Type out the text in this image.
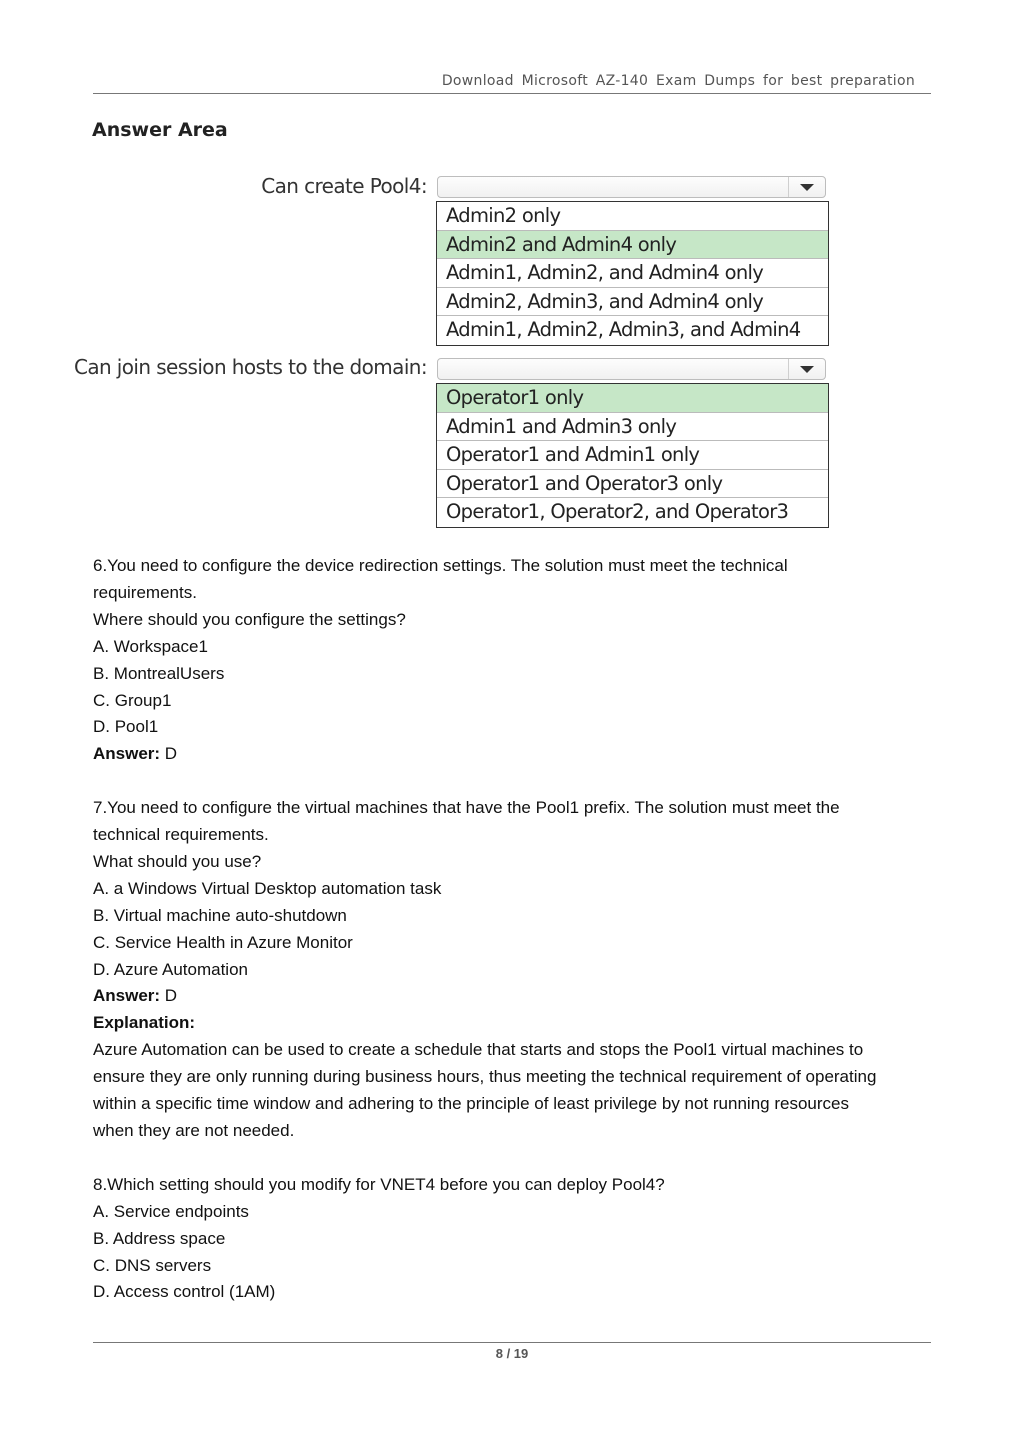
Download Microsoft AZ-140 Exam Dumps for best preparation
Answer Area
Can create Pool4:
Admin2 only
Admin2 and Admin4 only
Admin1, Admin2, and Admin4 only
Admin2, Admin3, and Admin4 only
Admin1, Admin2, Admin3, and Admin4
Can join session hosts to the domain:
Operator1 only
Admin1 and Admin3 only
Operator1 and Admin1 only
Operator1 and Operator3 only
Operator1, Operator2, and Operator3

6.You need to configure the device redirection settings. The solution must meet the technical

requirements.

Where should you configure the settings?

A. Workspace1

B. MontrealUsers

C. Group1

D. Pool1

Answer: D

7.You need to configure the virtual machines that have the Pool1 prefix. The solution must meet the

technical requirements.

What should you use?

A. a Windows Virtual Desktop automation task

B. Virtual machine auto-shutdown

C. Service Health in Azure Monitor

D. Azure Automation

Answer: D

Explanation:

Azure Automation can be used to create a schedule that starts and stops the Pool1 virtual machines to

ensure they are only running during business hours, thus meeting the technical requirement of operating

within a specific time window and adhering to the principle of least privilege by not running resources

when they are not needed.

8.Which setting should you modify for VNET4 before you can deploy Pool4?

A. Service endpoints

B. Address space

C. DNS servers

D. Access control (1AM)

8 / 19
